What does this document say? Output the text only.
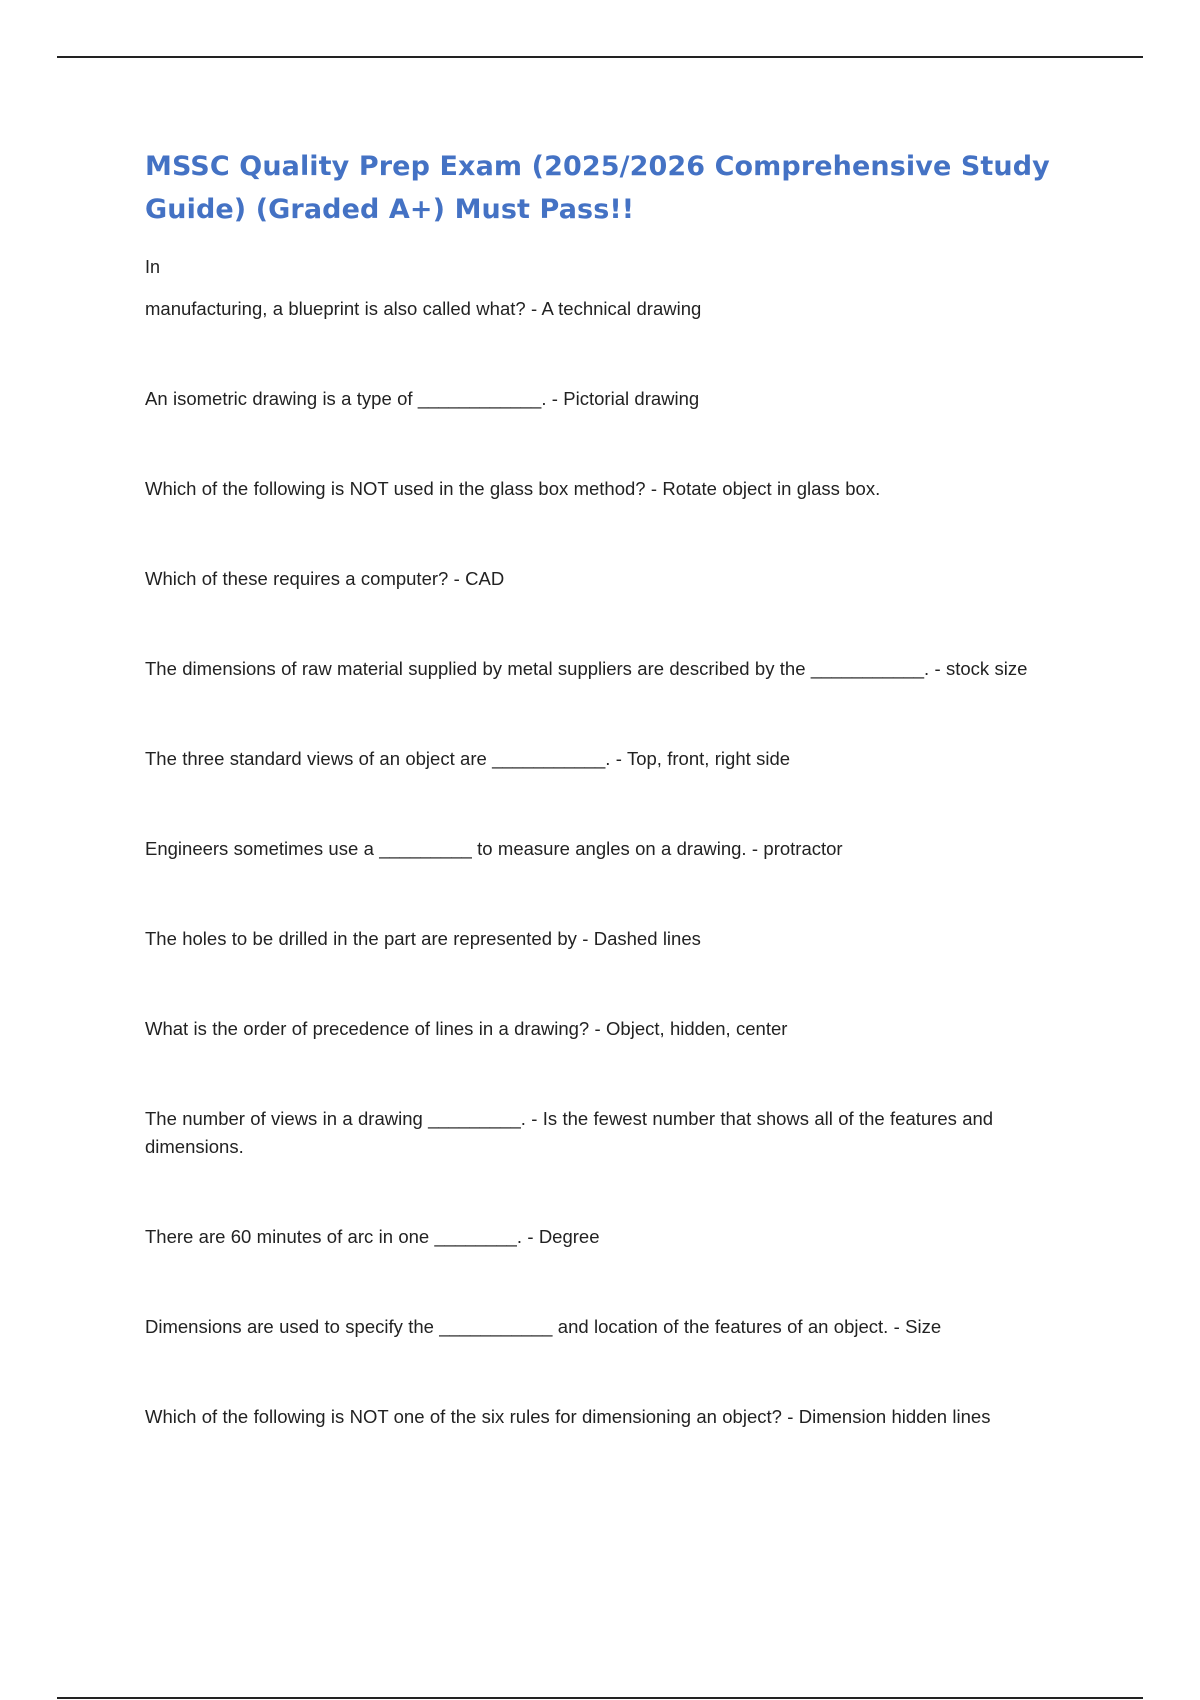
MSSC Quality Prep Exam (2025/2026 Comprehensive Study Guide) (Graded A+) Must Pass!!

In

manufacturing, a blueprint is also called what? - A technical drawing

An isometric drawing is a type of ____________. - Pictorial drawing

Which of the following is NOT used in the glass box method? - Rotate object in glass box.

Which of these requires a computer? - CAD

The dimensions of raw material supplied by metal suppliers are described by the ___________. - stock size

The three standard views of an object are ___________. - Top, front, right side

Engineers sometimes use a _________ to measure angles on a drawing. - protractor

The holes to be drilled in the part are represented by - Dashed lines

What is the order of precedence of lines in a drawing? - Object, hidden, center

The number of views in a drawing _________. - Is the fewest number that shows all of the features and dimensions.

There are 60 minutes of arc in one ________. - Degree

Dimensions are used to specify the ___________ and location of the features of an object. - Size

Which of the following is NOT one of the six rules for dimensioning an object? - Dimension hidden lines
